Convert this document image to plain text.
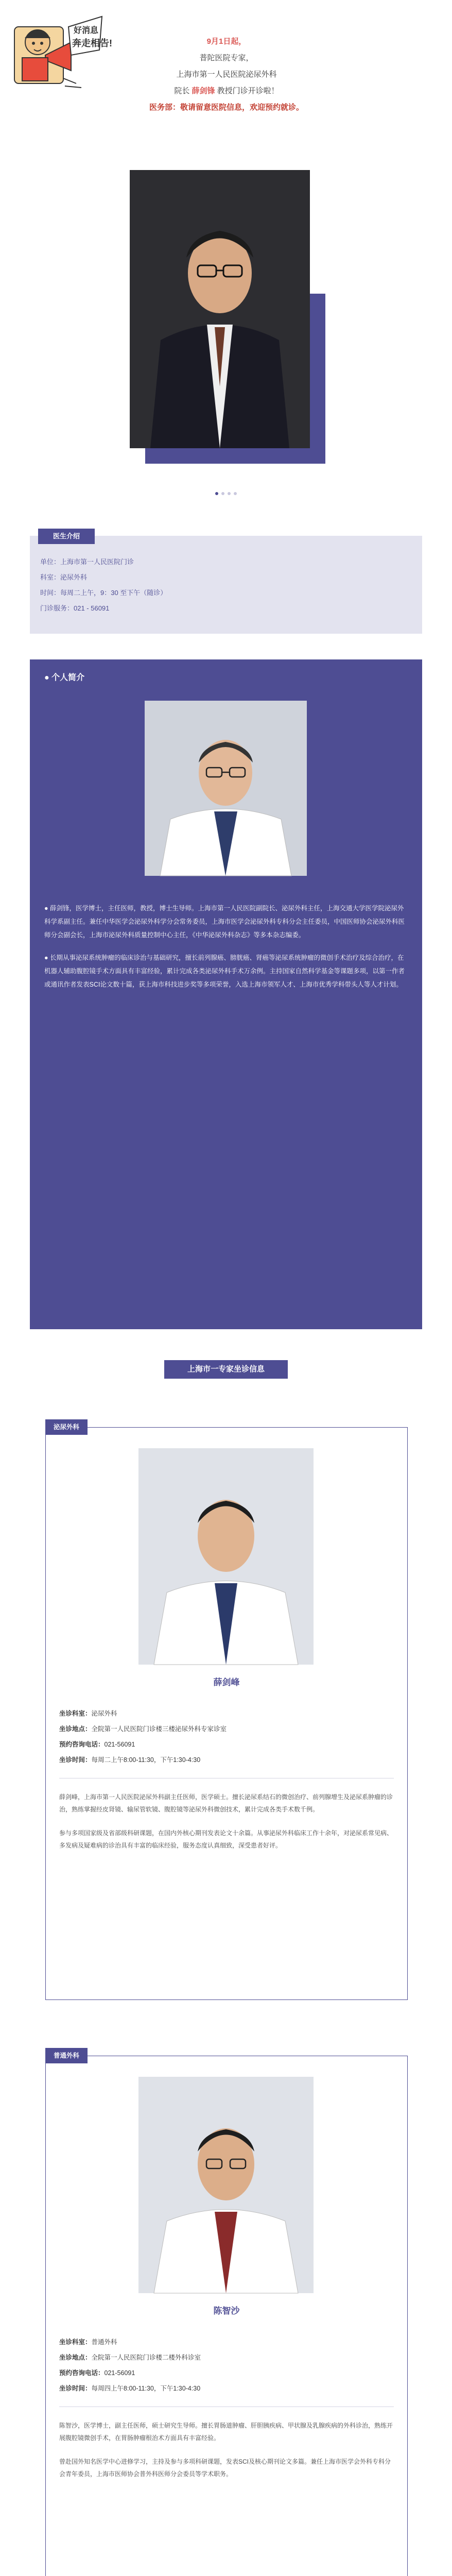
好消息
奔走相告!	9月1日起，
普陀医院专家，
上海市第一人民医院泌尿外科
院长 薛剑锋 教授门诊开诊啦！
医务部：敬请留意医院信息，欢迎预约就诊。
医生介绍
单位：上海市第一人民医院门诊
科室：泌尿外科
时间：每周二上午，9：30 至下午（随诊）
门诊服务：021 - 56091
● 个人简介

● 薛剑锋，医学博士，主任医师，教授，博士生导师。上海市第一人民医院副院长、泌尿外科主任，上海交通大学医学院泌尿外科学系副主任。兼任中华医学会泌尿外科学分会常务委员，上海市医学会泌尿外科专科分会主任委员，中国医师协会泌尿外科医师分会副会长，上海市泌尿外科质量控制中心主任，《中华泌尿外科杂志》等多本杂志编委。

● 长期从事泌尿系统肿瘤的临床诊治与基础研究，擅长前列腺癌、膀胱癌、肾癌等泌尿系统肿瘤的微创手术治疗及综合治疗，在机器人辅助腹腔镜手术方面具有丰富经验，累计完成各类泌尿外科手术万余例。主持国家自然科学基金等课题多项，以第一作者或通讯作者发表SCI论文数十篇，获上海市科技进步奖等多项荣誉，入选上海市领军人才、上海市优秀学科带头人等人才计划。

上海市一专家坐诊信息
泌尿外科
薛剑峰
坐诊科室：泌尿外科
坐诊地点：全院第一人民医院门诊楼三楼泌尿外科专家诊室
预约咨询电话：021-56091
坐诊时间：每周二上午8:00-11:30，下午1:30-4:30

薛剑峰，上海市第一人民医院泌尿外科副主任医师，医学硕士。擅长泌尿系结石的微创治疗、前列腺增生及泌尿系肿瘤的诊治，熟练掌握经皮肾镜、输尿管软镜、腹腔镜等泌尿外科微创技术，累计完成各类手术数千例。

参与多项国家级及省部级科研课题，在国内外核心期刊发表论文十余篇。从事泌尿外科临床工作十余年，对泌尿系常见病、多发病及疑难病的诊治具有丰富的临床经验，服务态度认真细致，深受患者好评。

普通外科
陈智沙
坐诊科室：普通外科
坐诊地点：全院第一人民医院门诊楼二楼外科诊室
预约咨询电话：021-56091
坐诊时间：每周四上午8:00-11:30，下午1:30-4:30

陈智沙，医学博士，副主任医师，硕士研究生导师。擅长胃肠道肿瘤、肝胆胰疾病、甲状腺及乳腺疾病的外科诊治，熟练开展腹腔镜微创手术，在胃肠肿瘤根治术方面具有丰富经验。

曾赴国外知名医学中心进修学习，主持及参与多项科研课题，发表SCI及核心期刊论文多篇。兼任上海市医学会外科专科分会青年委员，上海市医师协会普外科医师分会委员等学术职务。
